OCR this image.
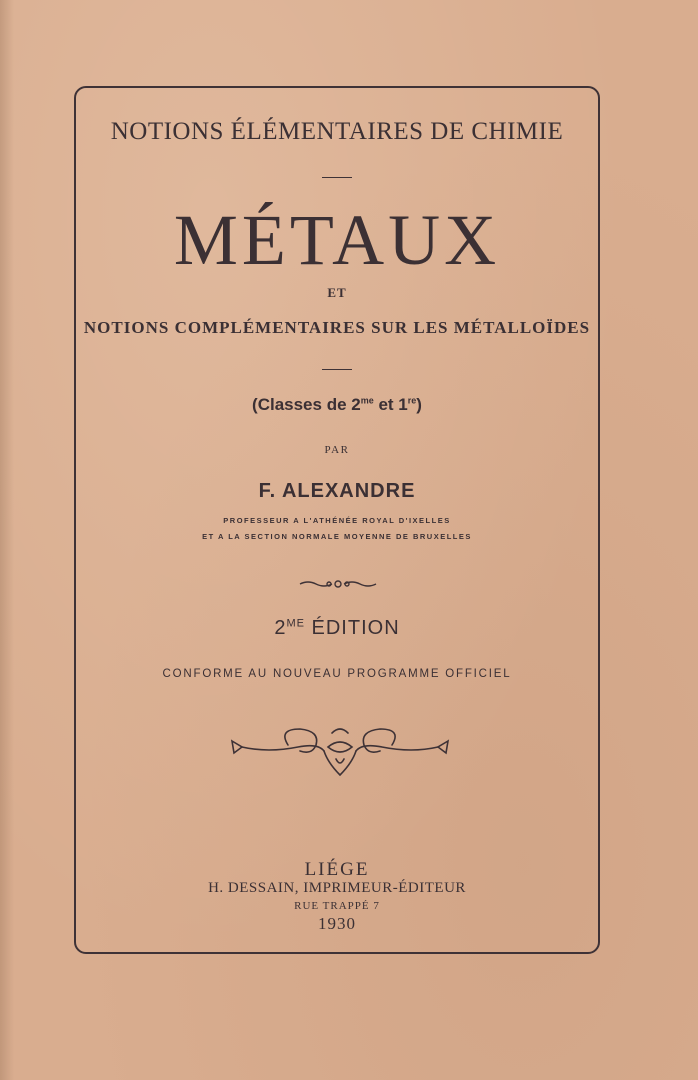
NOTIONS ÉLÉMENTAIRES DE CHIMIE
MÉTAUX
ET
NOTIONS COMPLÉMENTAIRES SUR LES MÉTALLOÏDES
(Classes de $2^{me}$ et 1re)
PAR
F. ALEXANDRE
PROFESSEUR A L'ATHÉNÉE ROYAL D'IXELLES
ET A LA SECTION NORMALE MOYENNE DE BRUXELLES
$2^{ME}$ ÉDITION
CONFORME AU NOUVEAU PROGRAMME OFFICIEL
LIÉGE
H. DESSAIN, IMPRIMEUR-ÉDITEUR
RUE TRAPPÉ 7
1930
